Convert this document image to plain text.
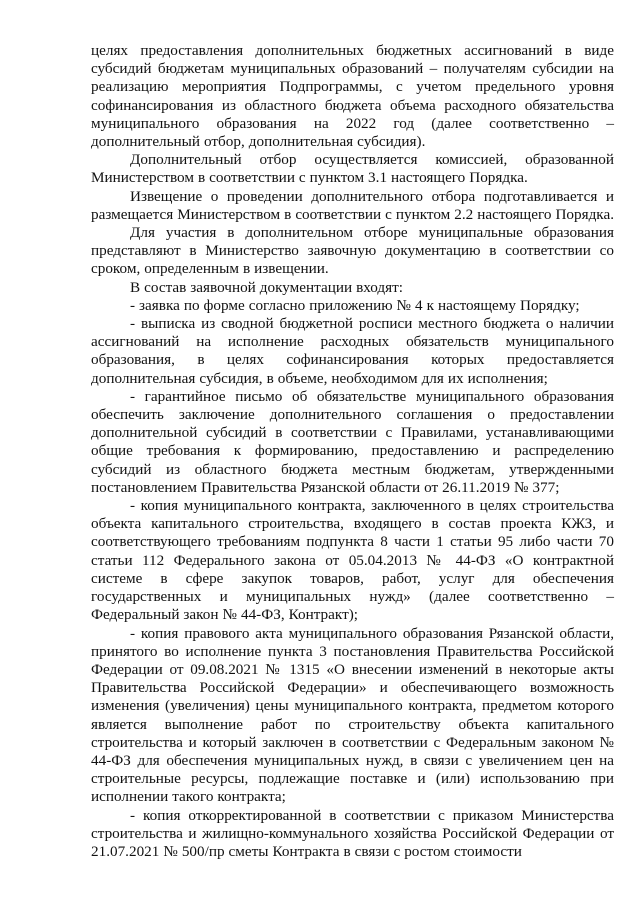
целях предоставления дополнительных бюджетных ассигнований в виде субсидий бюджетам муниципальных образований – получателям субсидии на реализацию мероприятия Подпрограммы, с учетом предельного уровня софинансирования из областного бюджета объема расходного обязательства муниципального образования на 2022 год (далее соответственно – дополнительный отбор, дополнительная субсидия).

Дополнительный отбор осуществляется комиссией, образованной Министерством в соответствии с пунктом 3.1 настоящего Порядка.

Извещение о проведении дополнительного отбора подготавливается и размещается Министерством в соответствии с пунктом 2.2 настоящего Порядка.

Для участия в дополнительном отборе муниципальные образования представляют в Министерство заявочную документацию в соответствии со сроком, определенным в извещении.

В состав заявочной документации входят:

- заявка по форме согласно приложению № 4 к настоящему Порядку;

- выписка из сводной бюджетной росписи местного бюджета о наличии ассигнований на исполнение расходных обязательств муниципального образования, в целях софинансирования которых предоставляется дополнительная субсидия, в объеме, необходимом для их исполнения;

- гарантийное письмо об обязательстве муниципального образования обеспечить заключение дополнительного соглашения о предоставлении дополнительной субсидий в соответствии с Правилами, устанавливающими общие требования к формированию, предоставлению и распределению субсидий из областного бюджета местным бюджетам, утвержденными постановлением Правительства Рязанской области от 26.11.2019 № 377;

- копия муниципального контракта, заключенного в целях строительства объекта капитального строительства, входящего в состав проекта КЖЗ, и соответствующего требованиям подпункта 8 части 1 статьи 95 либо части 70 статьи 112 Федерального закона от 05.04.2013 № 44-ФЗ «О контрактной системе в сфере закупок товаров, работ, услуг для обеспечения государственных и муниципальных нужд» (далее соответственно – Федеральный закон № 44-ФЗ, Контракт);

- копия правового акта муниципального образования Рязанской области, принятого во исполнение пункта 3 постановления Правительства Российской Федерации от 09.08.2021 № 1315 «О внесении изменений в некоторые акты Правительства Российской Федерации» и обеспечивающего возможность изменения (увеличения) цены муниципального контракта, предметом которого является выполнение работ по строительству объекта капитального строительства и который заключен в соответствии с Федеральным законом № 44-ФЗ для обеспечения муниципальных нужд, в связи с увеличением цен на строительные ресурсы, подлежащие поставке и (или) использованию при исполнении такого контракта;

- копия откорректированной в соответствии с приказом Министерства строительства и жилищно-коммунального хозяйства Российской Федерации от 21.07.2021 № 500/пр сметы Контракта в связи с ростом стоимости
